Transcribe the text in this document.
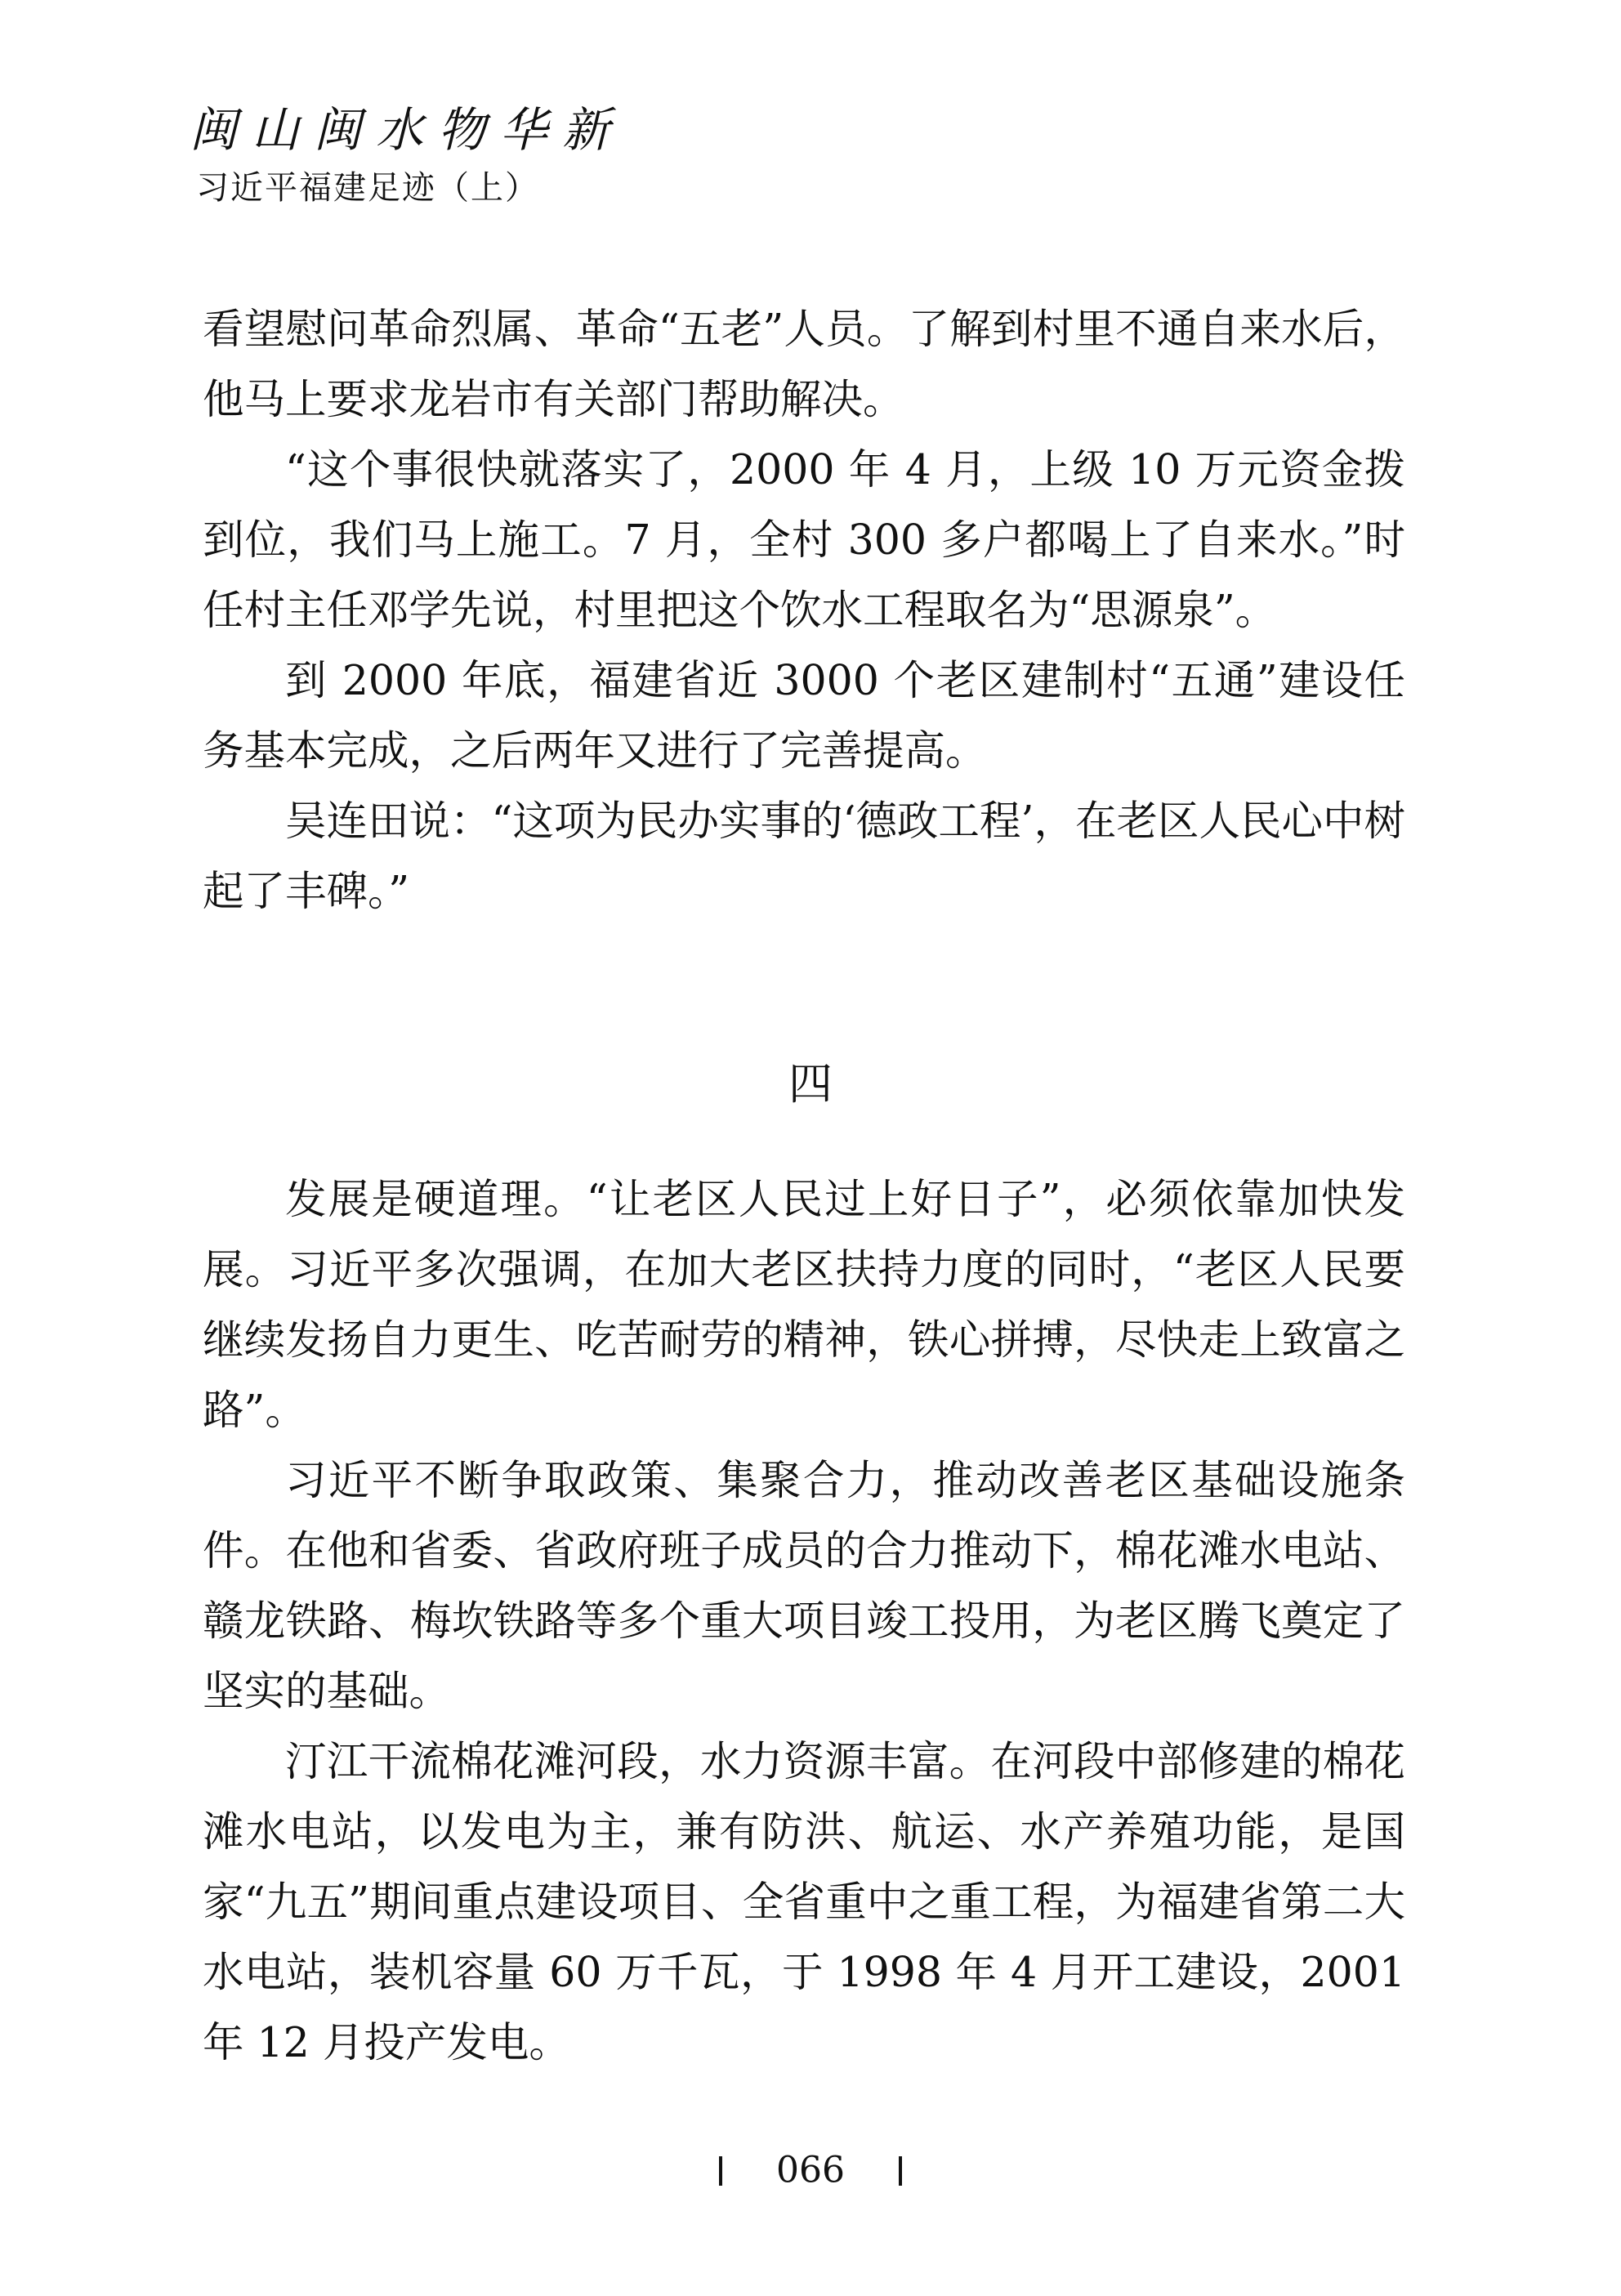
闽山闽水物华新
习近平福建足迹（上）

看望慰问革命烈属、革命“五老”人员。了解到村里不通自来水后，他马上要求龙岩市有关部门帮助解决。

“这个事很快就落实了，2000 年 4 月，上级 10 万元资金拨到位，我们马上施工。7 月，全村 300 多户都喝上了自来水。”时任村主任邓学先说，村里把这个饮水工程取名为“思源泉”。

到 2000 年底，福建省近 3000 个老区建制村“五通”建设任务基本完成，之后两年又进行了完善提高。

吴连田说：“这项为民办实事的‘德政工程’，在老区人民心中树起了丰碑。”

四

发展是硬道理。“让老区人民过上好日子”，必须依靠加快发展。习近平多次强调，在加大老区扶持力度的同时，“老区人民要继续发扬自力更生、吃苦耐劳的精神，铁心拼搏，尽快走上致富之路”。

习近平不断争取政策、集聚合力，推动改善老区基础设施条件。在他和省委、省政府班子成员的合力推动下，棉花滩水电站、赣龙铁路、梅坎铁路等多个重大项目竣工投用，为老区腾飞奠定了坚实的基础。

汀江干流棉花滩河段，水力资源丰富。在河段中部修建的棉花滩水电站，以发电为主，兼有防洪、航运、水产养殖功能，是国家“九五”期间重点建设项目、全省重中之重工程，为福建省第二大水电站，装机容量 60 万千瓦，于 1998 年 4 月开工建设，2001 年 12 月投产发电。

066
